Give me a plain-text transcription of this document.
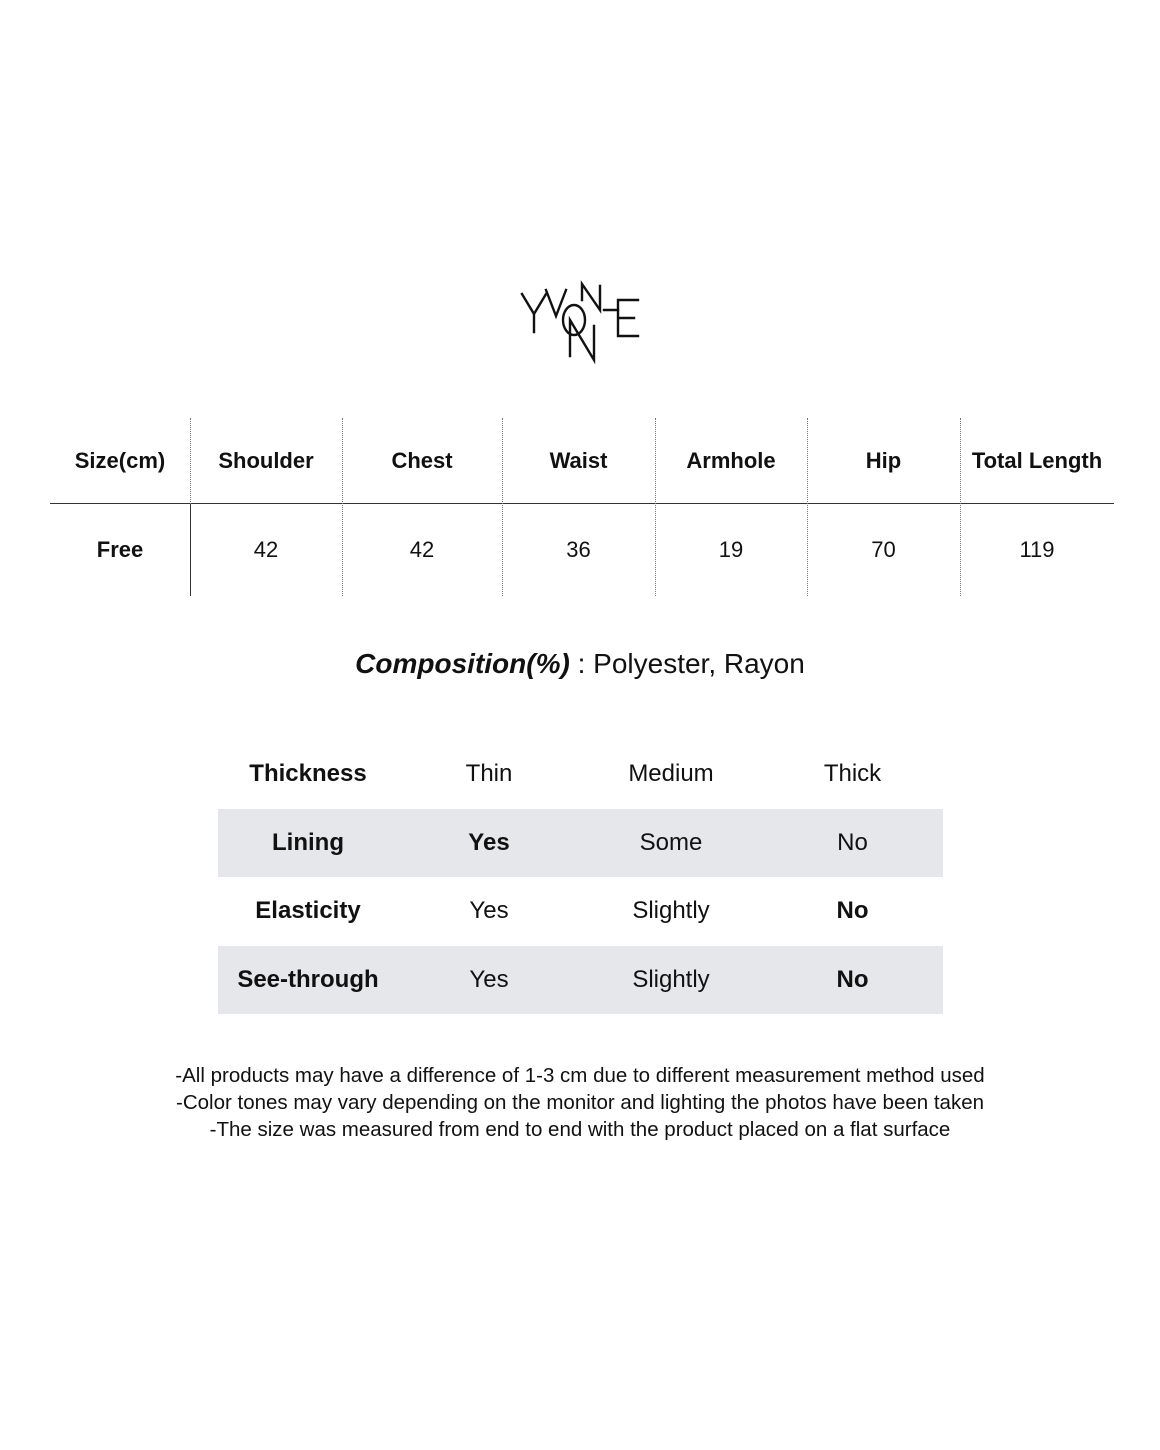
Size(cm)	Shoulder	Chest	Waist	Armhole	Hip	Total Length
Free	42	42	36	19	70	119
Composition(%) : Polyester, Rayon
Thickness	Thin	Medium	Thick
Lining	Yes	Some	No
Elasticity	Yes	Slightly	No
See-through	Yes	Slightly	No
-All products may have a difference of 1-3 cm due to different measurement method used
-Color tones may vary depending on the monitor and lighting the photos have been taken
-The size was measured from end to end with the product placed on a flat surface
